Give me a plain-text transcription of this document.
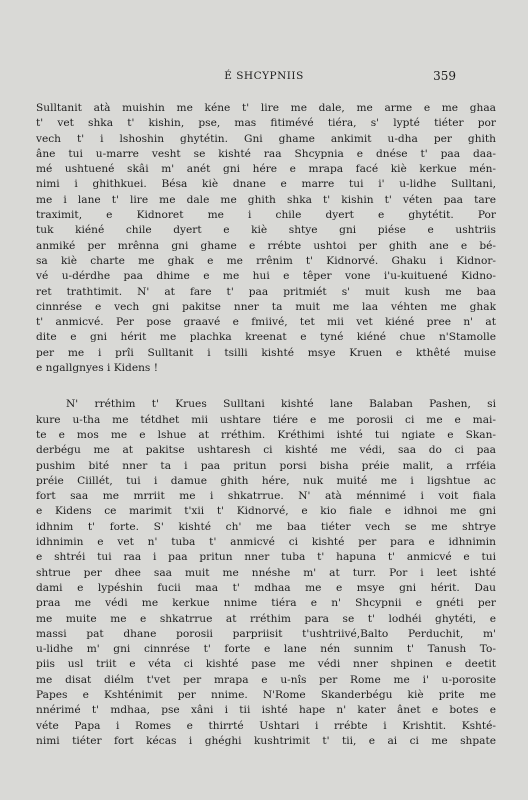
É SHCYPNIIS	359
Sulltanit atà muishin me kéne t' lire me dale, me arme e me ghaa
t' vet shka t' kishin, pse, mas fitimévé tiéra, s' lypté tiéter por
vech t' i lshoshin ghytétin. Gni ghame ankimit u-dha per ghith
âne tui u-marre vesht se kishté raa Shcypnia e dnése t' paa daa-
mé ushtuené skâi m' anét gni hére e mrapa facé kiè kerkue mén-
nimi i ghithkuei. Bésa kiè dnane e marre tui i' u-lidhe Sulltani,
me i lane t' lire me dale me ghith shka t' kishin t' véten paa tare
traximit, e Kidnoret me i chile dyert e ghytétit. Por
tuk kiéné chile dyert e kiè shtye gni piése e ushtriis
anmiké per mrênna gni ghame e rrébte ushtoi per ghith ane e bé-
sa kiè charte me ghak e me rrênim t' Kidnorvé. Ghaku i Kidnor-
vé u-dérdhe paa dhime e me hui e têper vone i'u-kuituené Kidno-
ret trathtimit. N' at fare t' paa pritmiét s' muit kush me baa
cinnrése e vech gni pakitse nner ta muit me laa véhten me ghak
t' anmicvé. Per pose graavé e fmiivé, tet mii vet kiéné pree n' at
dite e gni hérit me plachka kreenat e tyné kiéné chue n'Stamolle
per me i prîi Sulltanit i tsilli kishté msye Kruen e kthêté muise
e ngallgnyes i Kidens !
N' rréthim t' Krues Sulltani kishté lane Balaban Pashen, si
kure u-tha me tétdhet mii ushtare tiére e me porosii ci me e mai-
te e mos me e lshue at rréthim. Kréthimi ishté tui ngiate e Skan-
derbégu me at pakitse ushtaresh ci kishté me védi, saa do ci paa
pushim bité nner ta i paa pritun porsi bisha préie malit, a rrféia
préie Ciillét, tui i damue ghith hére, nuk muité me i ligshtue ac
fort saa me mrriit me i shkatrrue. N' atà ménnimé i voit fiala
e Kidens ce marimit t'xii t' Kidnorvé, e kio fiale e idhnoi me gni
idhnim t' forte. S' kishté ch' me baa tiéter vech se me shtrye
idhnimin e vet n' tuba t' anmicvé ci kishté per para e idhnimin
e shtréi tui raa i paa pritun nner tuba t' hapuna t' anmicvé e tui
shtrue per dhee saa muit me nnéshe m' at turr. Por i leet ishté
dami e lypéshin fucii maa t' mdhaa me e msye gni hérit. Dau
praa me védi me kerkue nnime tiéra e n' Shcypnii e gnéti per
me muite me e shkatrrue at rréthim para se t' lodhéi ghytéti, e
massi pat dhane porosii parpriisit t'ushtriivé,Balto Perduchit, m'
u-lidhe m' gni cinnrése t' forte e lane nén sunnim t' Tanush To-
piis usl triit e véta ci kishté pase me védi nner shpinen e deetit
me disat diélm t'vet per mrapa e u-nîs per Rome me i' u-porosite
Papes e Kshténimit per nnime. N'Rome Skanderbégu kiè prite me
nnérimé t' mdhaa, pse xâni i tii ishté hape n' kater ânet e botes e
véte Papa i Romes e thirrté Ushtari i rrébte i Krishtit. Kshté-
nimi tiéter fort kécas i ghéghi kushtrimit t' tii, e ai ci me shpate
